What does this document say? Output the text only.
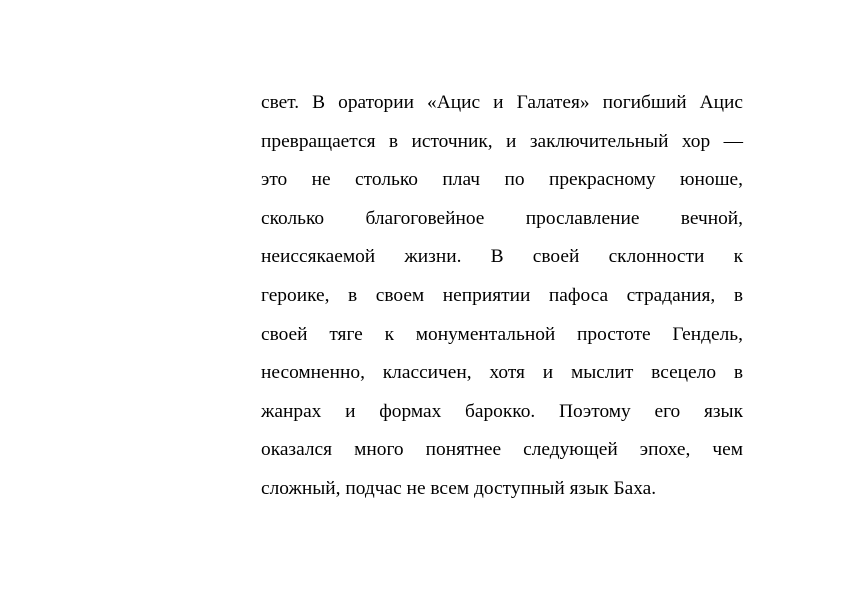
свет. В оратории «Ацис и Галатея» погибший Ацис
превращается в источник, и заключительный хор —
это не столько плач по прекрасному юноше,
сколько благоговейное прославление вечной,
неиссякаемой жизни. В своей склонности к
героике, в своем неприятии пафоса страдания, в
своей тяге к монументальной простоте Гендель,
несомненно, классичен, хотя и мыслит всецело в
жанрах и формах барокко. Поэтому его язык
оказался много понятнее следующей эпохе, чем
сложный, подчас не всем доступный язык Баха.
